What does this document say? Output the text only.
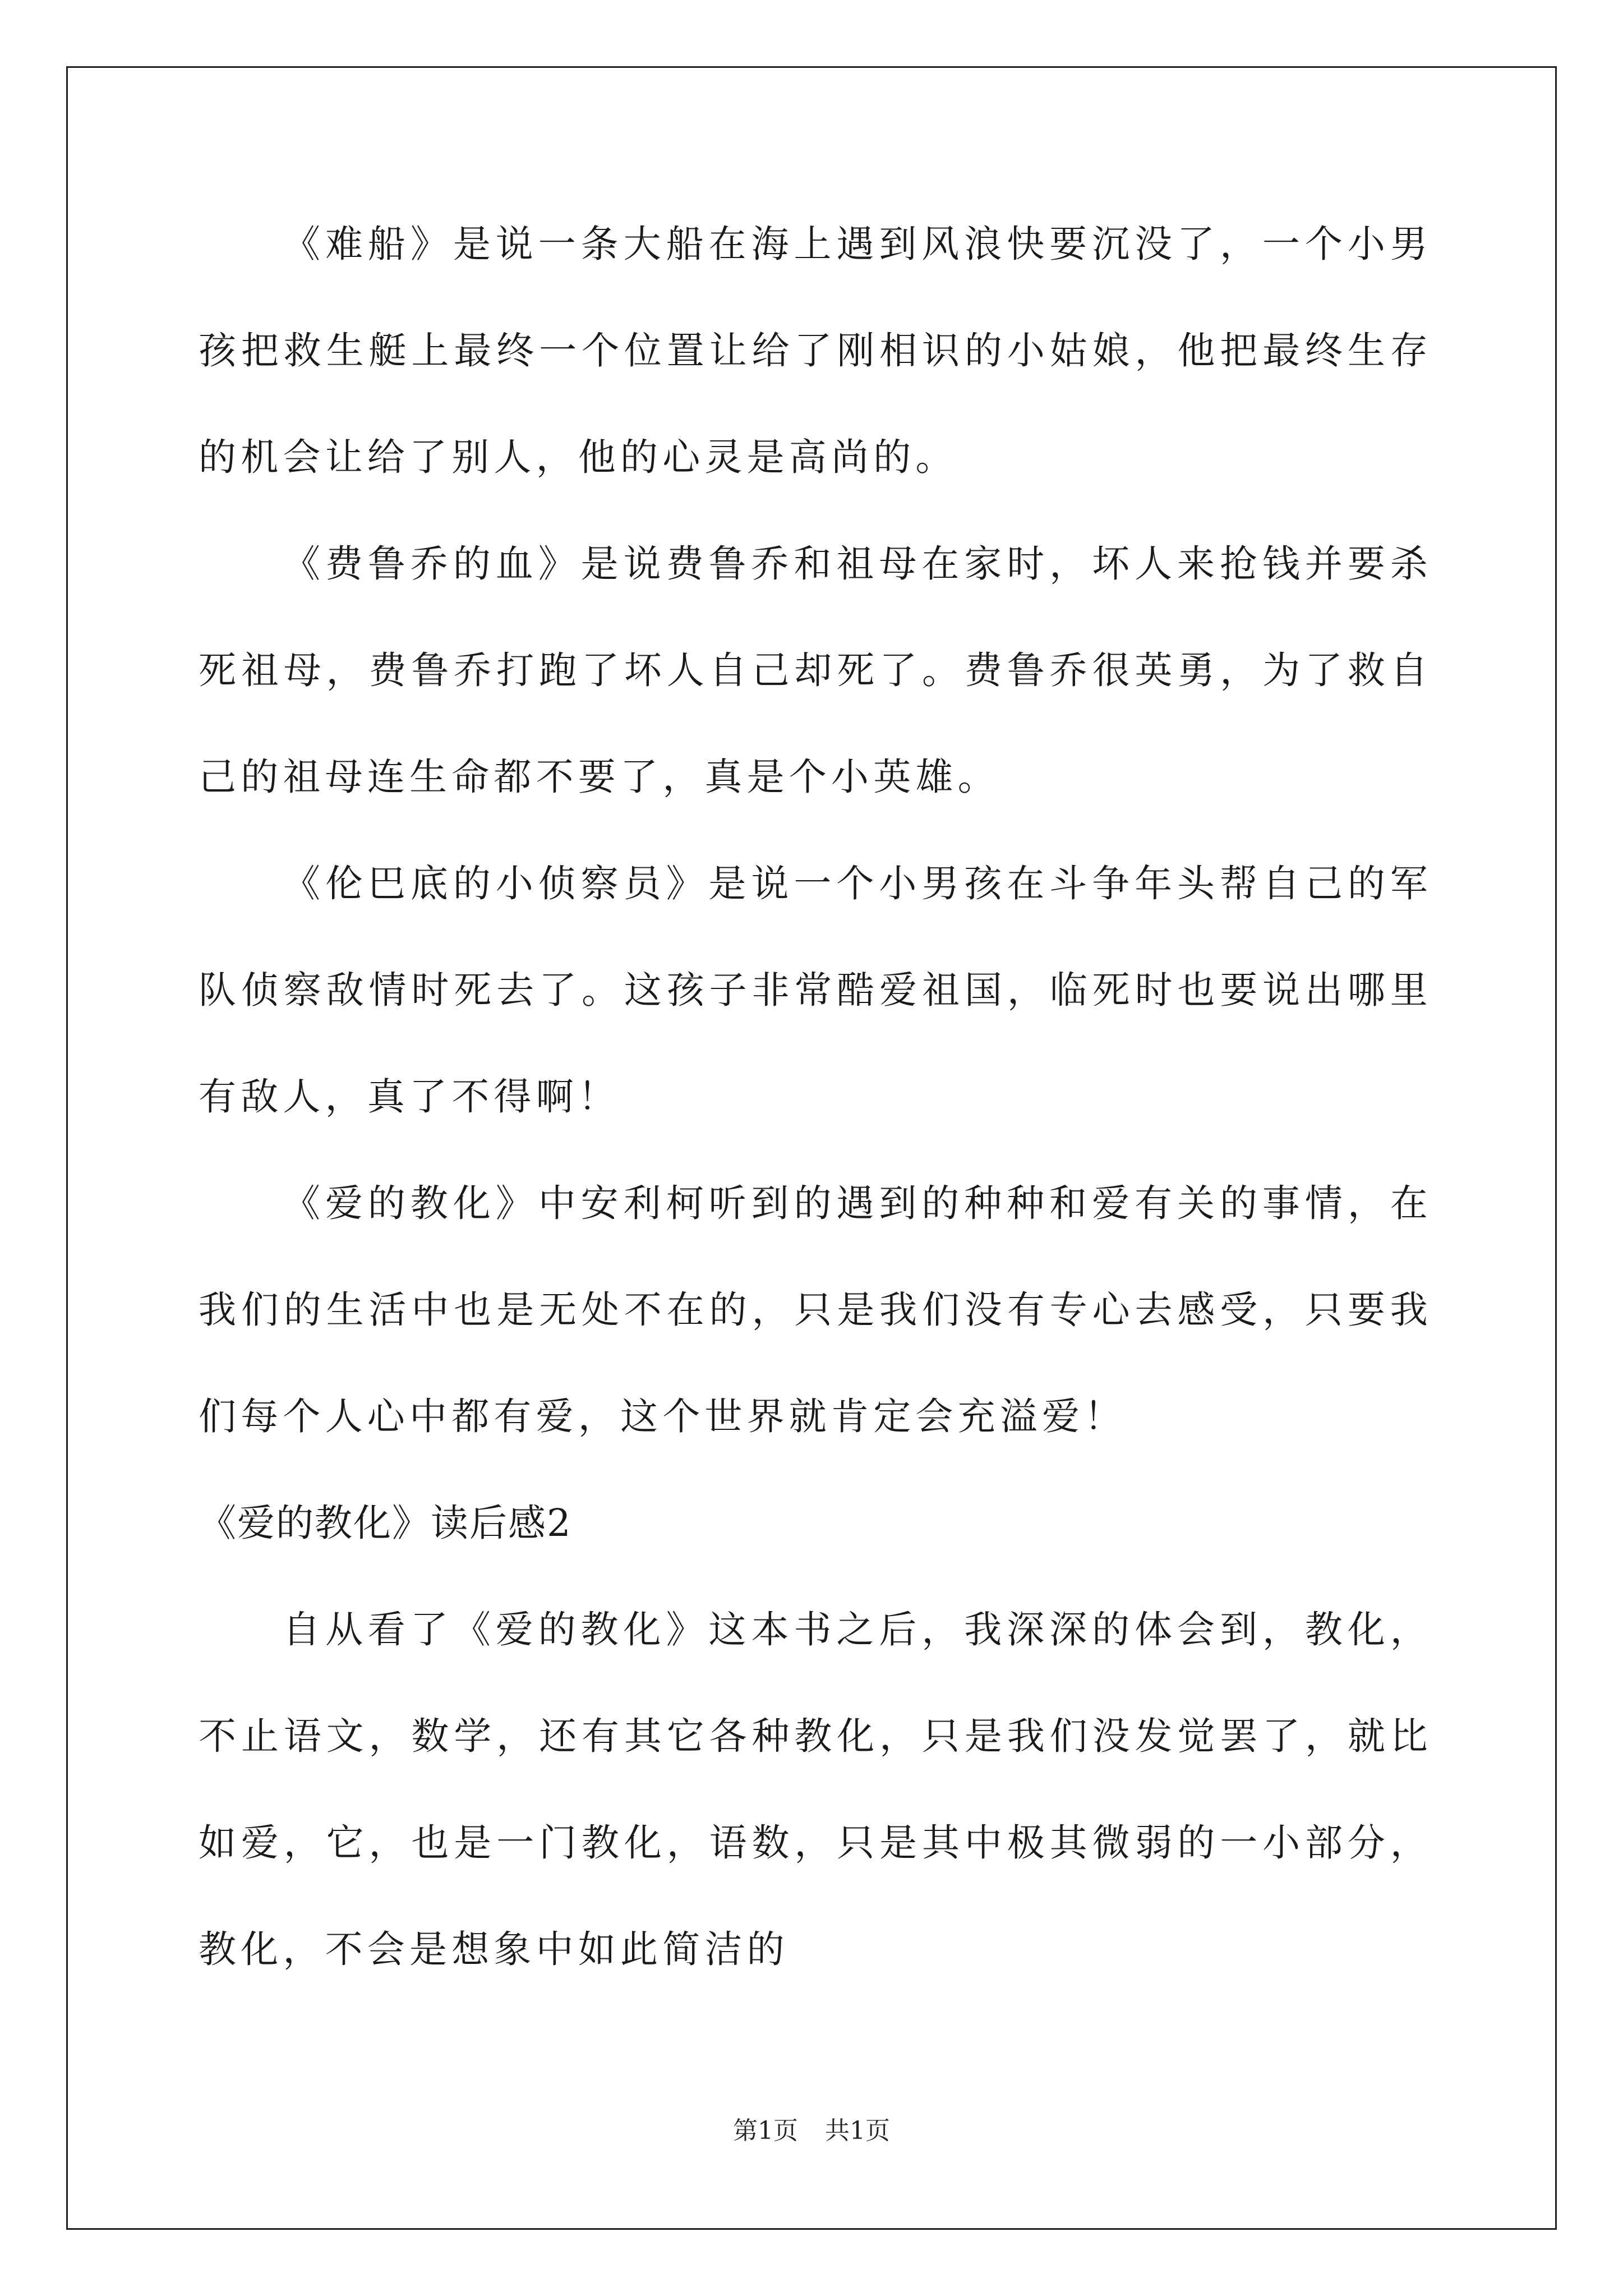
《难船》是说一条大船在海上遇到风浪快要沉没了，一个小男孩把救生艇上最终一个位置让给了刚相识的小姑娘，他把最终生存的机会让给了别人，他的心灵是高尚的。

《费鲁乔的血》是说费鲁乔和祖母在家时，坏人来抢钱并要杀死祖母，费鲁乔打跑了坏人自己却死了。费鲁乔很英勇，为了救自己的祖母连生命都不要了，真是个小英雄。

《伦巴底的小侦察员》是说一个小男孩在斗争年头帮自己的军队侦察敌情时死去了。这孩子非常酷爱祖国，临死时也要说出哪里有敌人，真了不得啊！

《爱的教化》中安利柯听到的遇到的种种和爱有关的事情，在我们的生活中也是无处不在的，只是我们没有专心去感受，只要我们每个人心中都有爱，这个世界就肯定会充溢爱！

《爱的教化》读后感2

自从看了《爱的教化》这本书之后，我深深的体会到，教化，不止语文，数学，还有其它各种教化，只是我们没发觉罢了，就比如爱，它，也是一门教化，语数，只是其中极其微弱的一小部分，教化，不会是想象中如此简洁的

第1页 共1页
